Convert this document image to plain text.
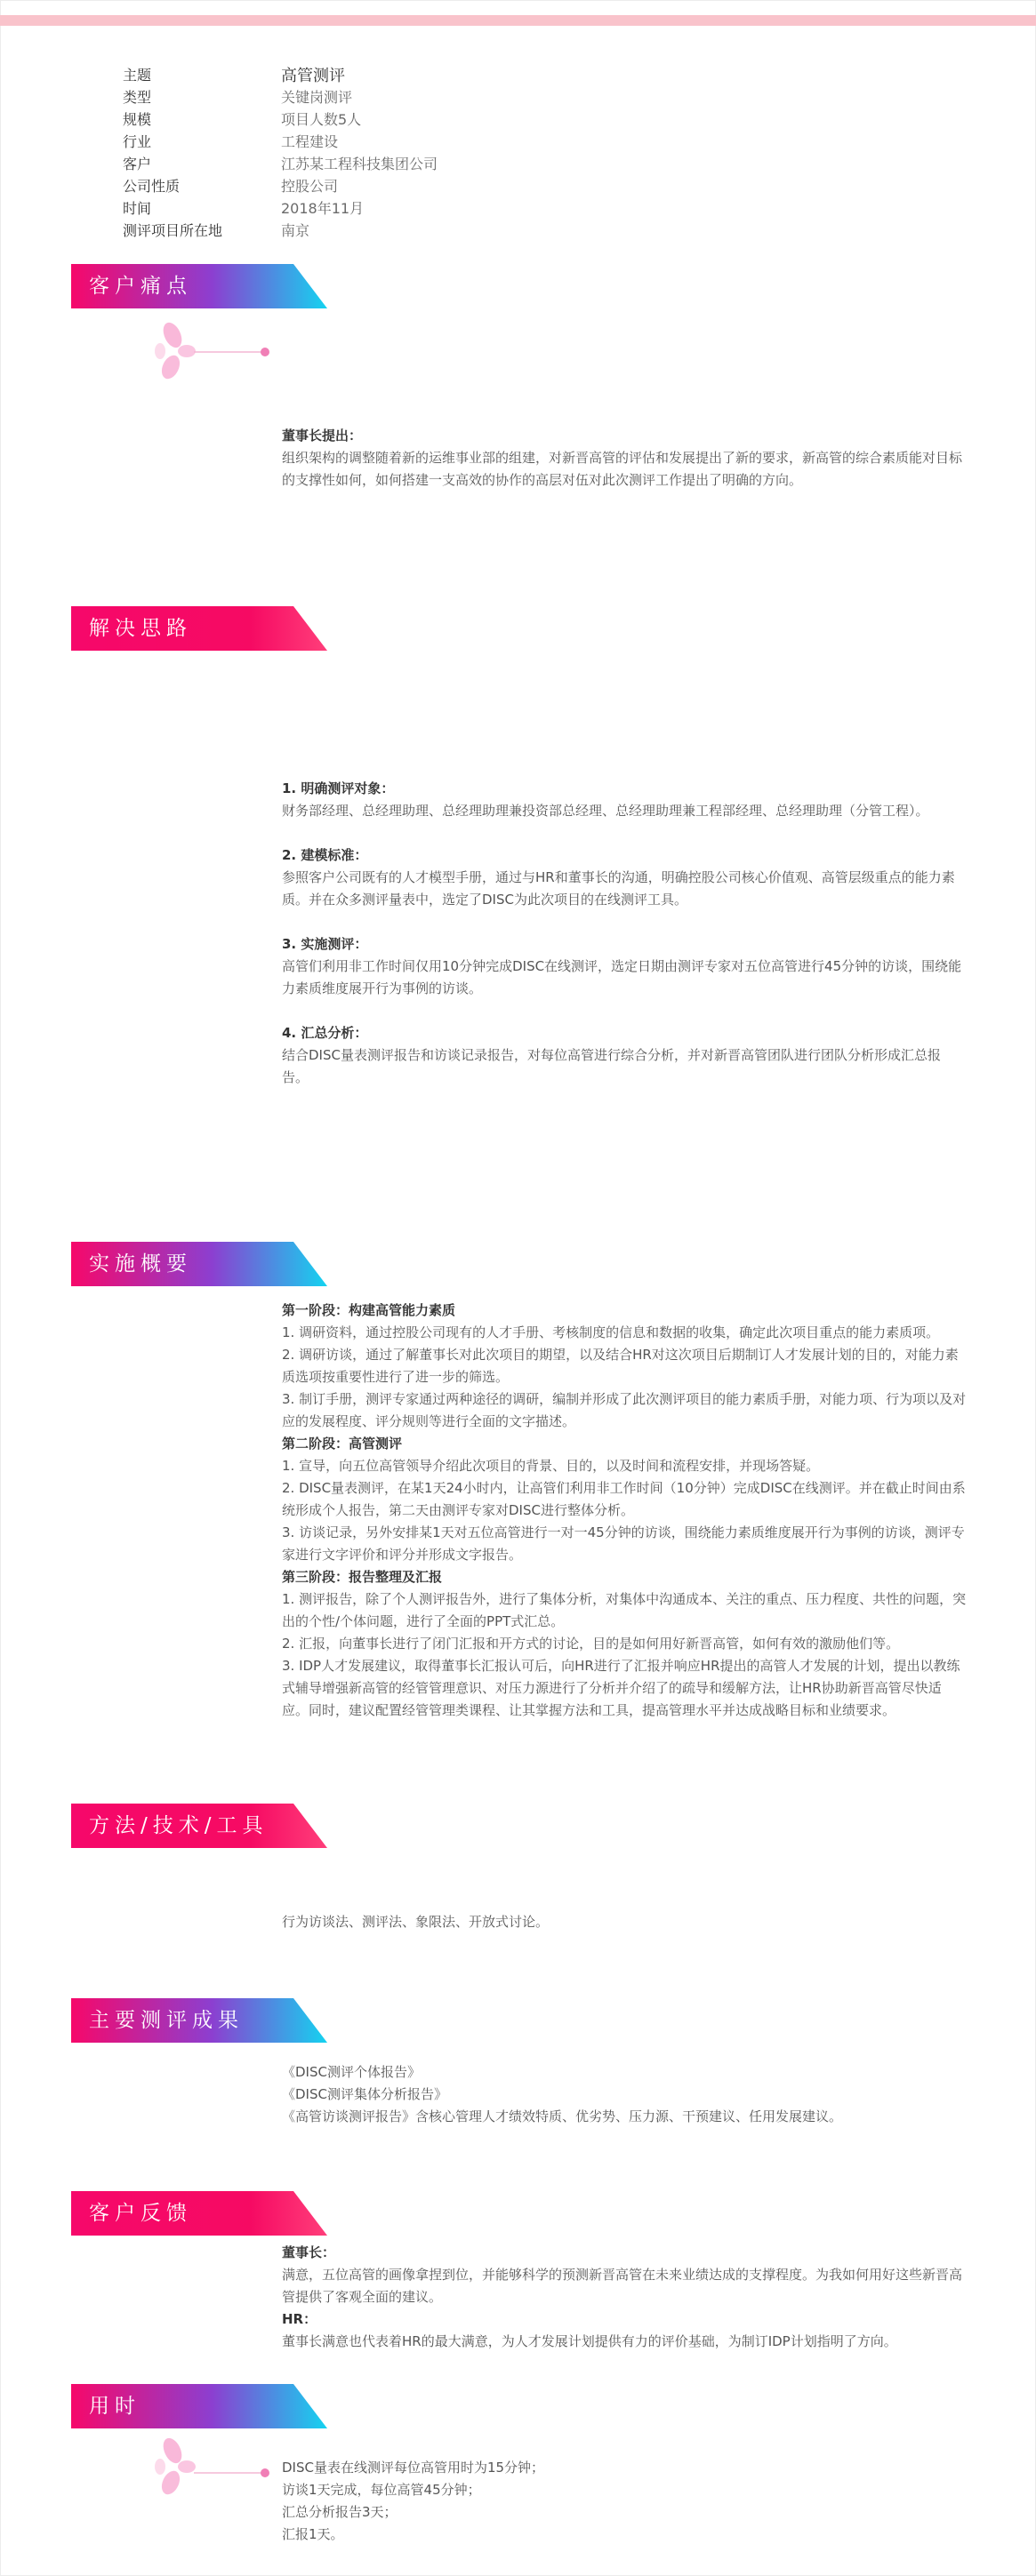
主题	高管测评
类型	关键岗测评
规模	项目人数5人
行业	工程建设
客户	江苏某工程科技集团公司
公司性质	控股公司
时间	2018年11月
测评项目所在地	南京
客户痛点

董事长提出：

组织架构的调整随着新的运维事业部的组建，对新晋高管的评估和发展提出了新的要求，新高管的综合素质能对目标的支撑性如何，如何搭建一支高效的协作的高层对伍对此次测评工作提出了明确的方向。

解决思路

1. 明确测评对象：

财务部经理、总经理助理、总经理助理兼投资部总经理、总经理助理兼工程部经理、总经理助理（分管工程）。

2. 建模标准：

参照客户公司既有的人才模型手册，通过与HR和董事长的沟通，明确控股公司核心价值观、高管层级重点的能力素质。并在众多测评量表中，选定了DISC为此次项目的在线测评工具。

3. 实施测评：

高管们利用非工作时间仅用10分钟完成DISC在线测评，选定日期由测评专家对五位高管进行45分钟的访谈，围绕能力素质维度展开行为事例的访谈。

4. 汇总分析：

结合DISC量表测评报告和访谈记录报告，对每位高管进行综合分析，并对新晋高管团队进行团队分析形成汇总报告。

实施概要

第一阶段：构建高管能力素质

1. 调研资料，通过控股公司现有的人才手册、考核制度的信息和数据的收集，确定此次项目重点的能力素质项。

2. 调研访谈，通过了解董事长对此次项目的期望，以及结合HR对这次项目后期制订人才发展计划的目的，对能力素质选项按重要性进行了进一步的筛选。

3. 制订手册，测评专家通过两种途径的调研，编制并形成了此次测评项目的能力素质手册，对能力项、行为项以及对应的发展程度、评分规则等进行全面的文字描述。

第二阶段：高管测评

1. 宣导，向五位高管领导介绍此次项目的背景、目的，以及时间和流程安排，并现场答疑。

2. DISC量表测评，在某1天24小时内，让高管们利用非工作时间（10分钟）完成DISC在线测评。并在截止时间由系统形成个人报告，第二天由测评专家对DISC进行整体分析。

3. 访谈记录，另外安排某1天对五位高管进行一对一45分钟的访谈，围绕能力素质维度展开行为事例的访谈，测评专家进行文字评价和评分并形成文字报告。

第三阶段：报告整理及汇报

1. 测评报告，除了个人测评报告外，进行了集体分析，对集体中沟通成本、关注的重点、压力程度、共性的问题，突出的个性/个体问题，进行了全面的PPT式汇总。

2. 汇报，向董事长进行了闭门汇报和开方式的讨论，目的是如何用好新晋高管，如何有效的激励他们等。

3. IDP人才发展建议，取得董事长汇报认可后，向HR进行了汇报并响应HR提出的高管人才发展的计划，提出以教练式辅导增强新高管的经管管理意识、对压力源进行了分析并介绍了的疏导和缓解方法，让HR协助新晋高管尽快适应。同时，建议配置经管管理类课程、让其掌握方法和工具，提高管理水平并达成战略目标和业绩要求。

方法/技术/工具

行为访谈法、测评法、象限法、开放式讨论。

主要测评成果

《DISC测评个体报告》

《DISC测评集体分析报告》

《高管访谈测评报告》含核心管理人才绩效特质、优劣势、压力源、干预建议、任用发展建议。

客户反馈

董事长：

满意，五位高管的画像拿捏到位，并能够科学的预测新晋高管在未来业绩达成的支撑程度。为我如何用好这些新晋高管提供了客观全面的建议。

HR：

董事长满意也代表着HR的最大满意，为人才发展计划提供有力的评价基础，为制订IDP计划指明了方向。

用时

DISC量表在线测评每位高管用时为15分钟；

访谈1天完成，每位高管45分钟；

汇总分析报告3天；

汇报1天。
